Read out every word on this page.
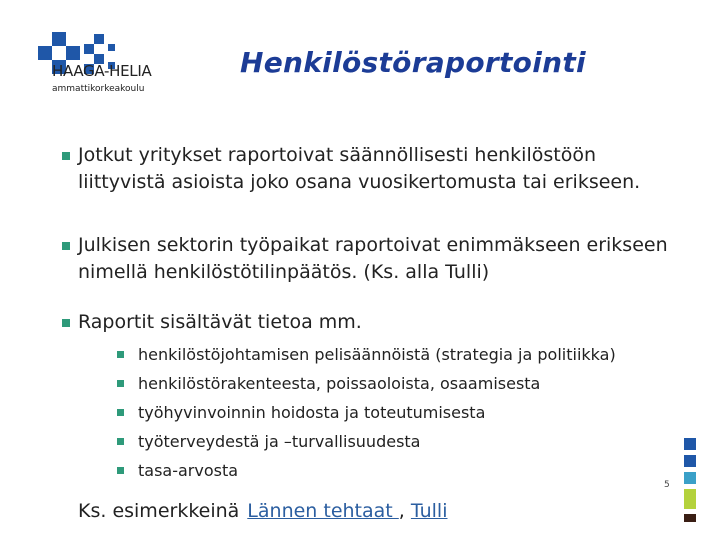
HAAGA-HELIA
ammattikorkeakoulu
Henkilöstöraportointi
Jotkut yritykset raportoivat säännöllisesti henkilöstöön liittyvistä asioista joko osana vuosikertomusta tai erikseen.
Julkisen sektorin työpaikat raportoivat enimmäkseen erikseen nimellä henkilöstötilinpäätös. (Ks. alla Tulli)
Raportit sisältävät tietoa mm.
henkilöstöjohtamisen pelisäännöistä (strategia ja politiikka)
henkilöstörakenteesta, poissaoloista, osaamisesta
työhyvinvoinnin hoidosta ja toteutumisesta
työterveydestä ja –turvallisuudesta
tasa-arvosta
Ks. esimerkkeinä Lännen tehtaat , Tulli
5
